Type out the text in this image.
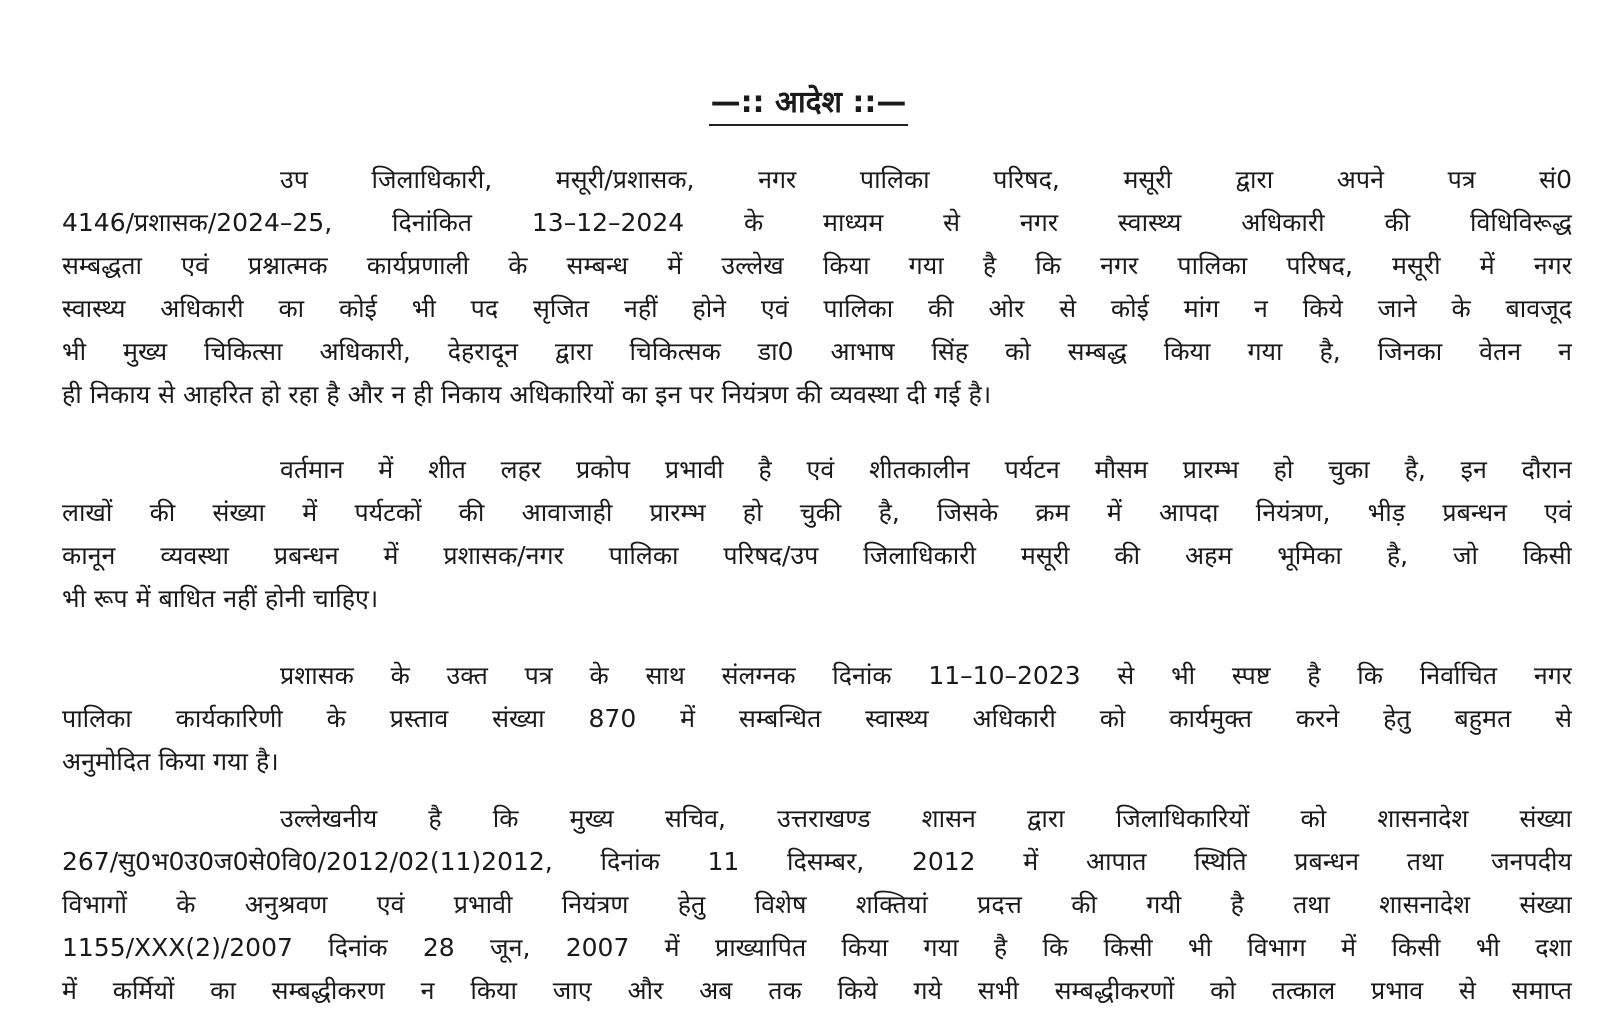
—:: आदेश ::—
उप जिलाधिकारी, मसूरी/प्रशासक, नगर पालिका परिषद, मसूरी द्वारा अपने पत्र सं0
4146/प्रशासक/2024–25, दिनांकित 13–12–2024 के माध्यम से नगर स्वास्थ्य अधिकारी की विधिविरूद्ध
सम्बद्धता एवं प्रश्नात्मक कार्यप्रणाली के सम्बन्ध में उल्लेख किया गया है कि नगर पालिका परिषद, मसूरी में नगर
स्वास्थ्य अधिकारी का कोई भी पद सृजित नहीं होने एवं पालिका की ओर से कोई मांग न किये जाने के बावजूद
भी मुख्य चिकित्सा अधिकारी, देहरादून द्वारा चिकित्सक डा0 आभाष सिंह को सम्बद्ध किया गया है, जिनका वेतन न
ही निकाय से आहरित हो रहा है और न ही निकाय अधिकारियों का इन पर नियंत्रण की व्यवस्था दी गई है।
वर्तमान में शीत लहर प्रकोप प्रभावी है एवं शीतकालीन पर्यटन मौसम प्रारम्भ हो चुका है, इन दौरान
लाखों की संख्या में पर्यटकों की आवाजाही प्रारम्भ हो चुकी है, जिसके क्रम में आपदा नियंत्रण, भीड़ प्रबन्धन एवं
कानून व्यवस्था प्रबन्धन में प्रशासक/नगर पालिका परिषद/उप जिलाधिकारी मसूरी की अहम भूमिका है, जो किसी
भी रूप में बाधित नहीं होनी चाहिए।
प्रशासक के उक्त पत्र के साथ संलग्नक दिनांक 11–10–2023 से भी स्पष्ट है कि निर्वाचित नगर
पालिका कार्यकारिणी के प्रस्ताव संख्या 870 में सम्बन्धित स्वास्थ्य अधिकारी को कार्यमुक्त करने हेतु बहुमत से
अनुमोदित किया गया है।
उल्लेखनीय है कि मुख्य सचिव, उत्तराखण्ड शासन द्वारा जिलाधिकारियों को शासनादेश संख्या
267/सु0भ0उ0ज0से0वि0/2012/02(11)2012, दिनांक 11 दिसम्बर, 2012 में आपात स्थिति प्रबन्धन तथा जनपदीय
विभागों के अनुश्रवण एवं प्रभावी नियंत्रण हेतु विशेष शक्तियां प्रदत्त की गयी है तथा शासनादेश संख्या
1155/XXX(2)/2007 दिनांक 28 जून, 2007 में प्राख्यापित किया गया है कि किसी भी विभाग में किसी भी दशा
में कर्मियों का सम्बद्धीकरण न किया जाए और अब तक किये गये सभी सम्बद्धीकरणों को तत्काल प्रभाव से समाप्त
